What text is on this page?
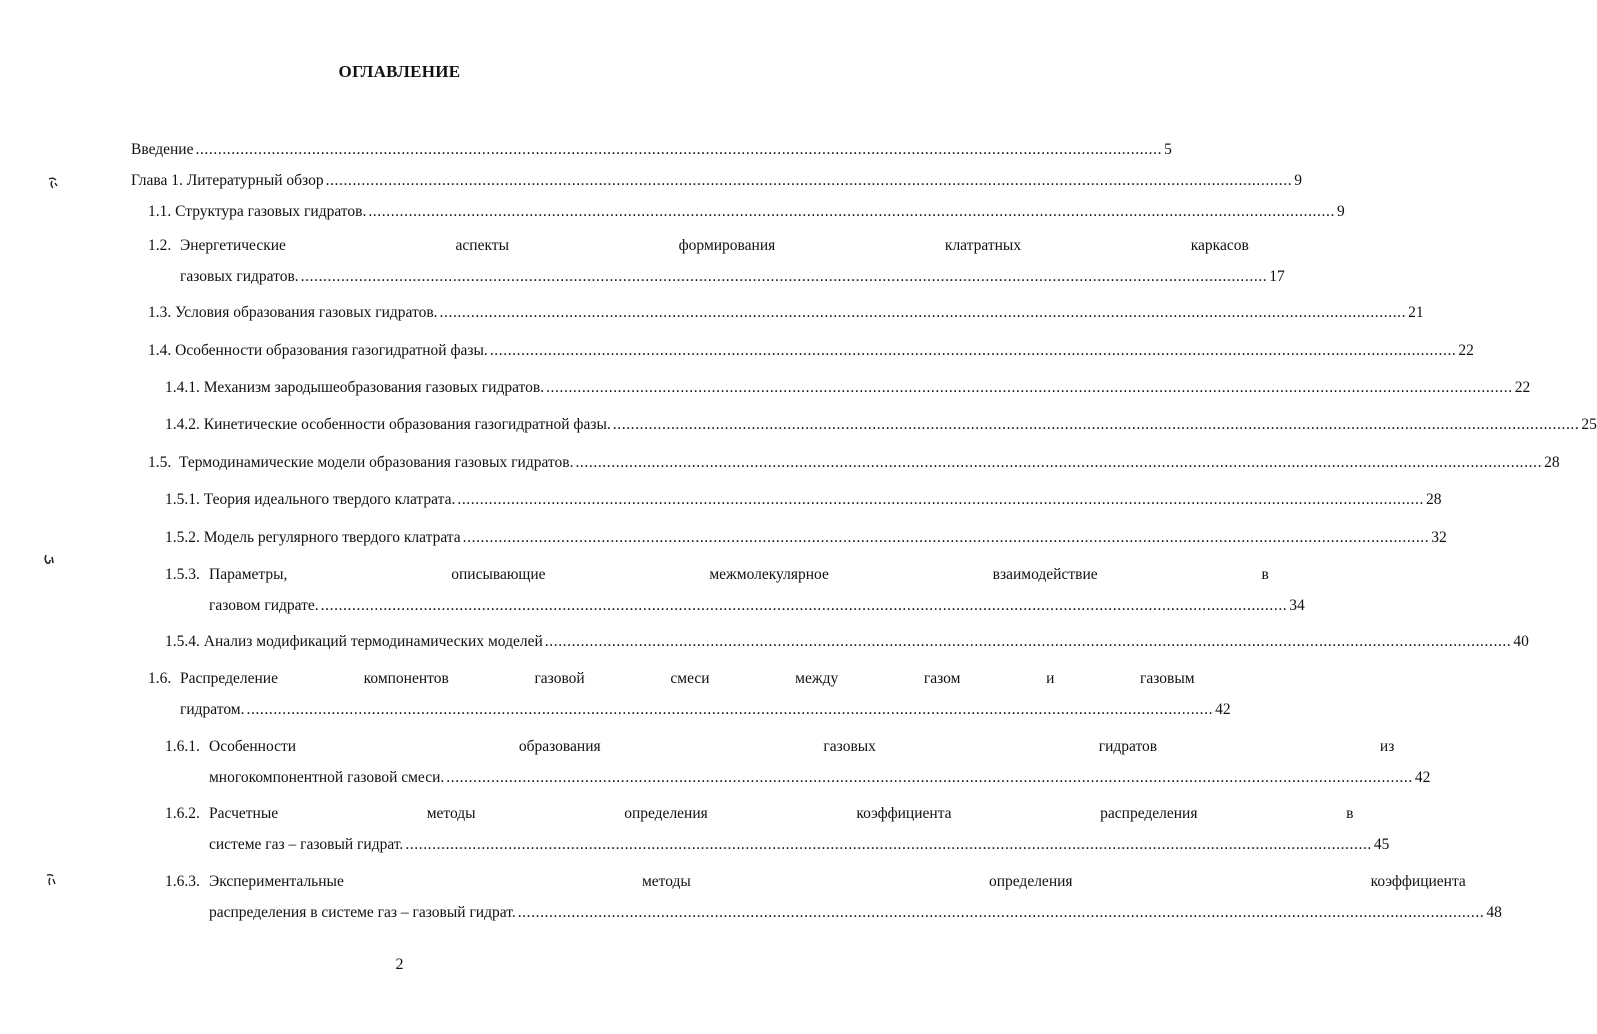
ОГЛАВЛЕНИЕ
Введение .....	5
Глава 1. Литературный обзор .....	9
1.1. Структура газовых гидратов. .....	9
1.2. Энергетические аспекты формирования клатратных каркасов
газовых гидратов. .....	17
1.3. Условия образования газовых гидратов. .....	21
1.4. Особенности образования газогидратной фазы. .....	22
1.4.1. Механизм зародышеобразования газовых гидратов. .....	22
1.4.2. Кинетические особенности образования газогидратной фазы. .....	25
1.5.  Термодинамические модели образования газовых гидратов. .....	28
1.5.1. Теория идеального твердого клатрата. .....	28
1.5.2. Модель регулярного твердого клатрата .....	32
1.5.3. Параметры, описывающие межмолекулярное взаимодействие в
газовом гидрате. .....	34
1.5.4. Анализ модификаций термодинамических моделей .....	40
1.6. Распределение компонентов газовой смеси между газом и газовым
гидратом. .....	42
1.6.1. Особенности образования газовых гидратов из
многокомпонентной газовой смеси. .....	42
1.6.2. Расчетные методы определения коэффициента распределения в
системе газ – газовый гидрат. .....	45
1.6.3. Экспериментальные методы определения коэффициента
распределения в системе газ – газовый гидрат. .....	48
2
